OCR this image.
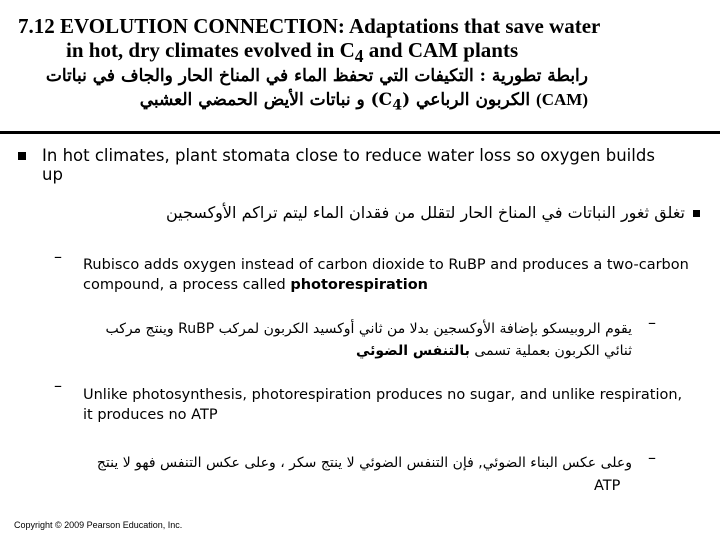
7.12 EVOLUTION CONNECTION: Adaptations that save water
in hot, dry climates evolved in $C_4$ and CAM plants
رابطة تطورية : التكيفات التي تحفظ الماء في المناخ الحار والجاف في نباتات
(CAM) الكربون الرباعي $(C_4)$ و نباتات الأيض الحمضي العشبي
In hot climates, plant stomata close to reduce water loss so oxygen builds up
تغلق ثغور النباتات في المناخ الحار لتقلل من فقدان الماء ليتم تراكم الأوكسجين
– Rubisco adds oxygen instead of carbon dioxide to RuBP and produces a two-carbon compound, a process called photorespiration
–
يقوم الروبيسكو بإضافة الأوكسجين بدلا من ثاني أوكسيد الكربون لمركب RuBP وينتج مركب
ثنائي الكربون بعملية تسمى بالتنفس الضوئي
– Unlike photosynthesis, photorespiration produces no sugar, and unlike respiration, it produces no ATP
–
وعلى عكس البناء الضوئي, فإن التنفس الضوئي لا ينتج سكر ، وعلى عكس التنفس فهو لا ينتج
ATP
Copyright © 2009 Pearson Education, Inc.
